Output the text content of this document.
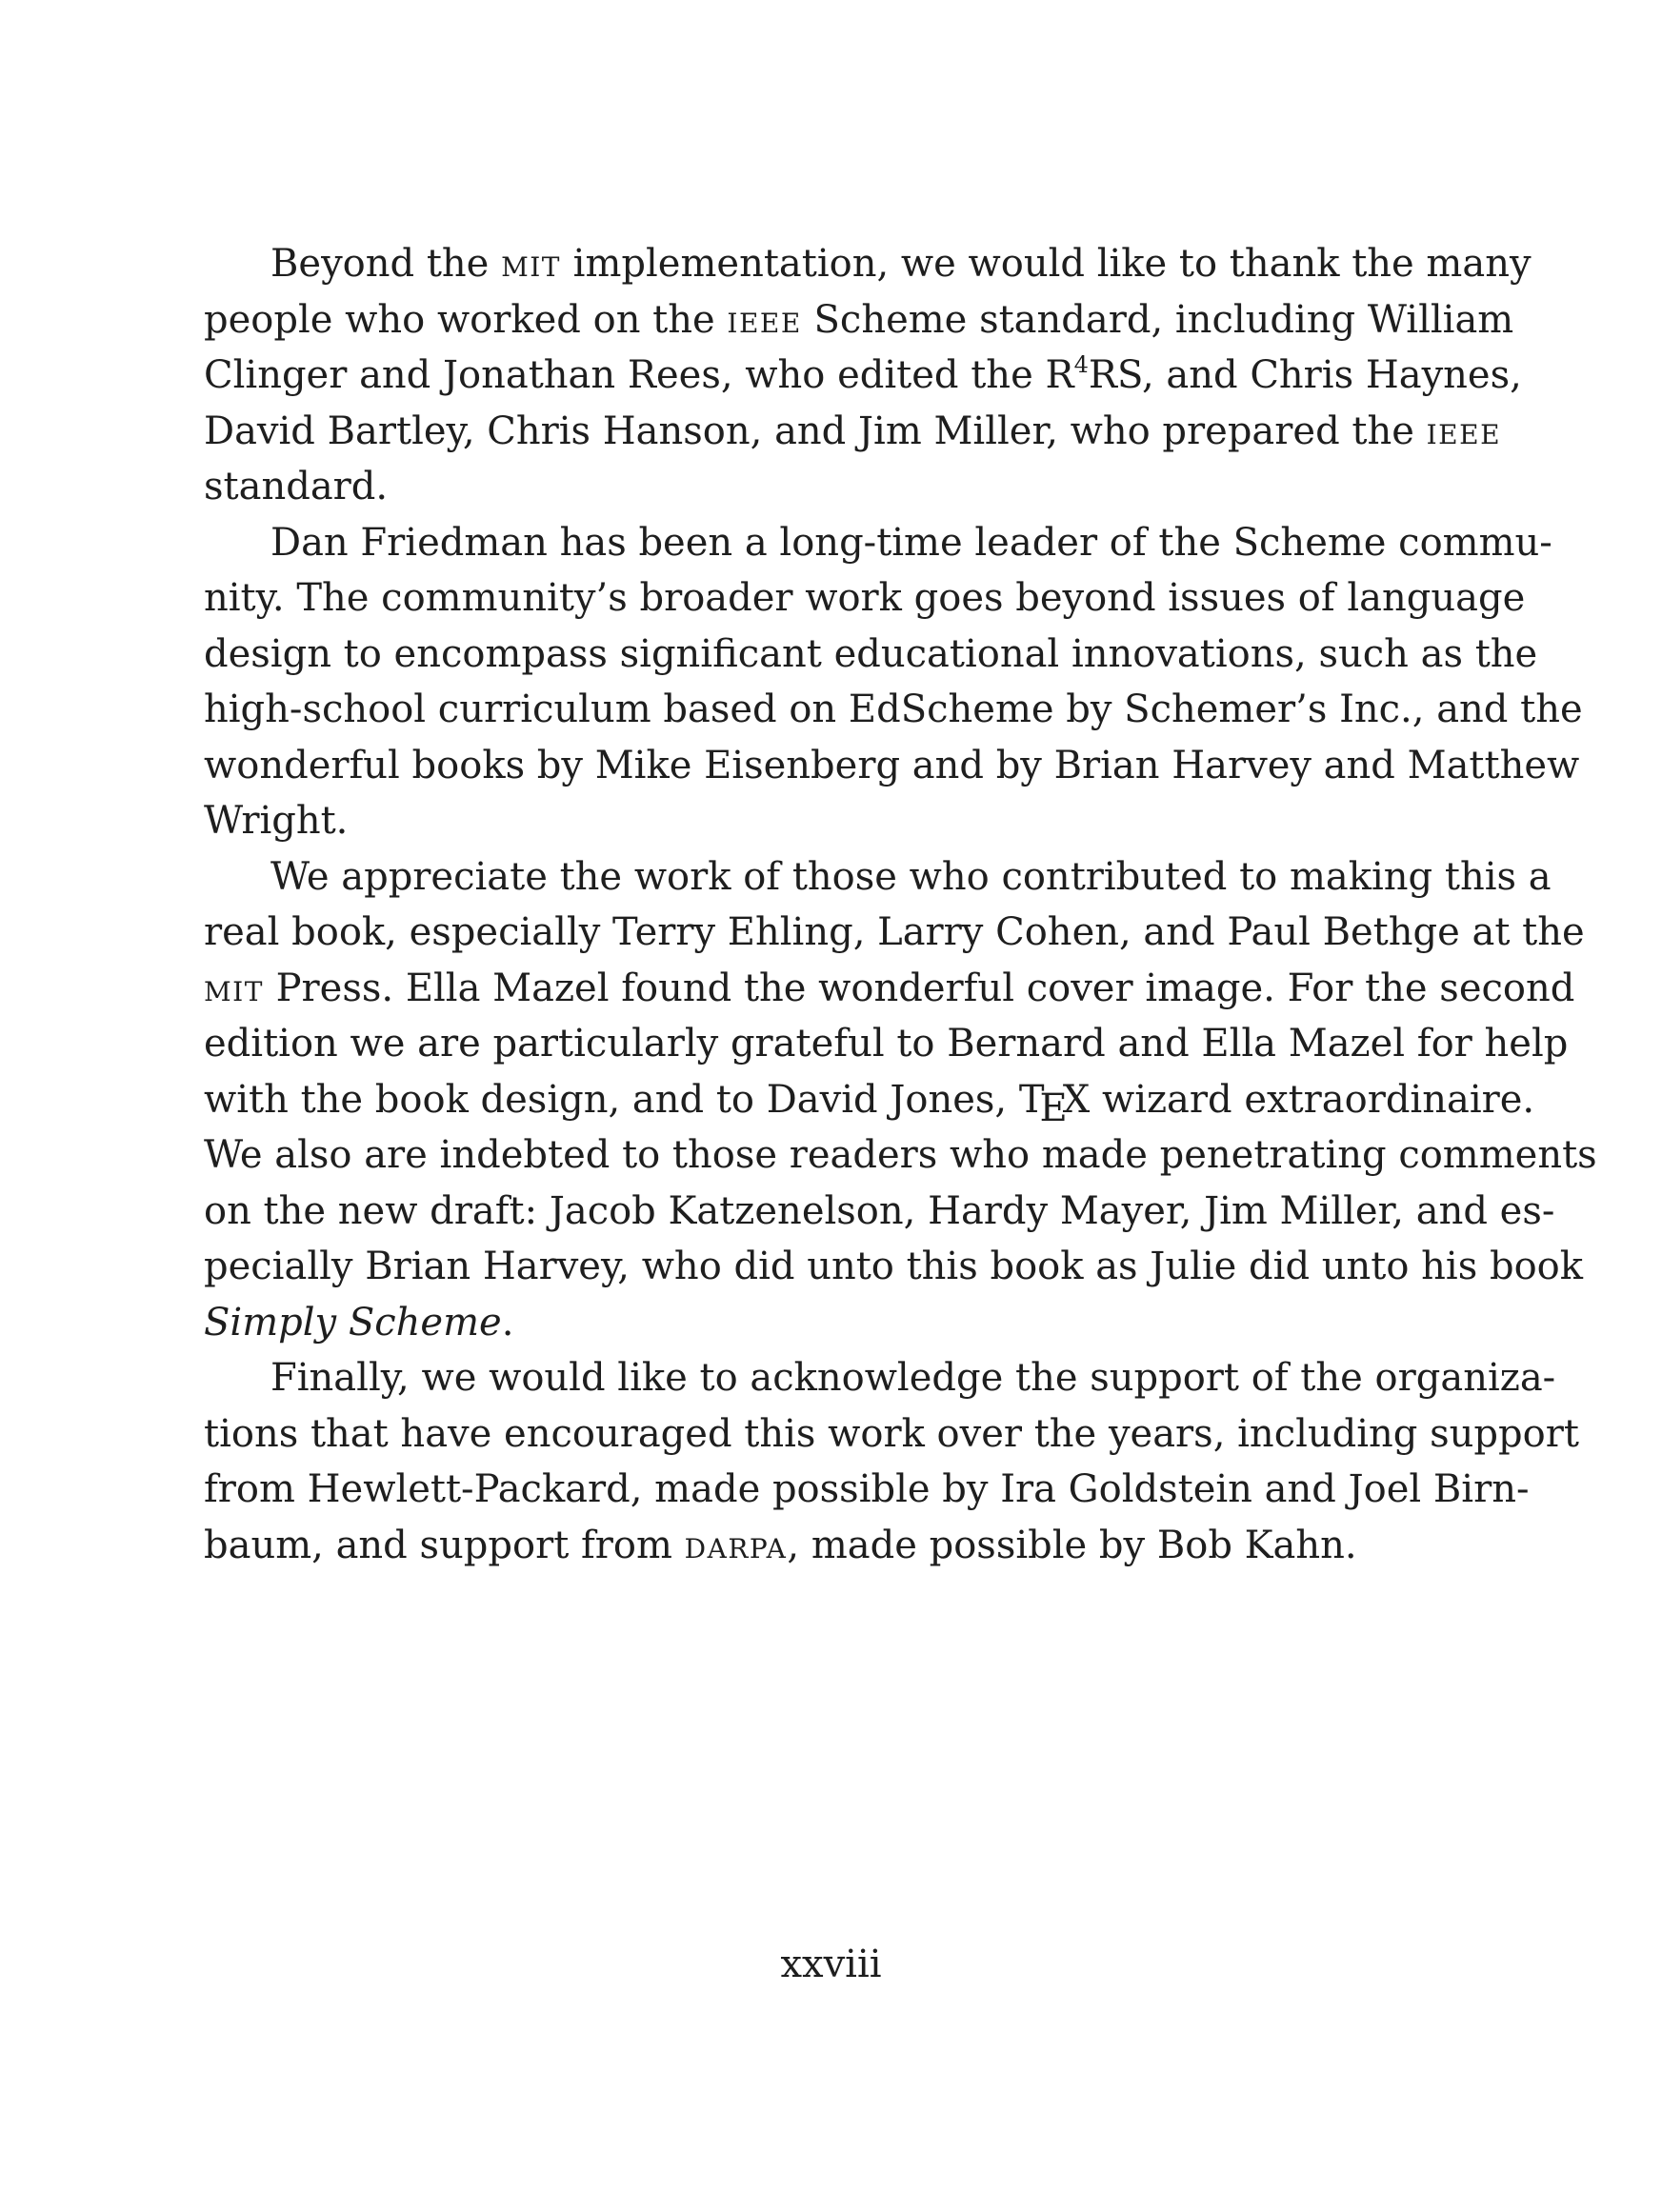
Beyond the mit implementation, we would like to thank the many
people who worked on the ieee Scheme standard, including William
Clinger and Jonathan Rees, who edited the $R^4RS$, and Chris Haynes,
David Bartley, Chris Hanson, and Jim Miller, who prepared the ieee
standard.
Dan Friedman has been a long-time leader of the Scheme commu-
nity. The community’s broader work goes beyond issues of language
design to encompass significant educational innovations, such as the
high-school curriculum based on EdScheme by Schemer’s Inc., and the
wonderful books by Mike Eisenberg and by Brian Harvey and Matthew
Wright.
We appreciate the work of those who contributed to making this a
real book, especially Terry Ehling, Larry Cohen, and Paul Bethge at the
mit Press. Ella Mazel found the wonderful cover image. For the second
edition we are particularly grateful to Bernard and Ella Mazel for help
with the book design, and to David Jones, TEX wizard extraordinaire.
We also are indebted to those readers who made penetrating comments
on the new draft: Jacob Katzenelson, Hardy Mayer, Jim Miller, and es-
pecially Brian Harvey, who did unto this book as Julie did unto his book
Simply Scheme.
Finally, we would like to acknowledge the support of the organiza-
tions that have encouraged this work over the years, including support
from Hewlett-Packard, made possible by Ira Goldstein and Joel Birn-
baum, and support from darpa, made possible by Bob Kahn.
xxviii
